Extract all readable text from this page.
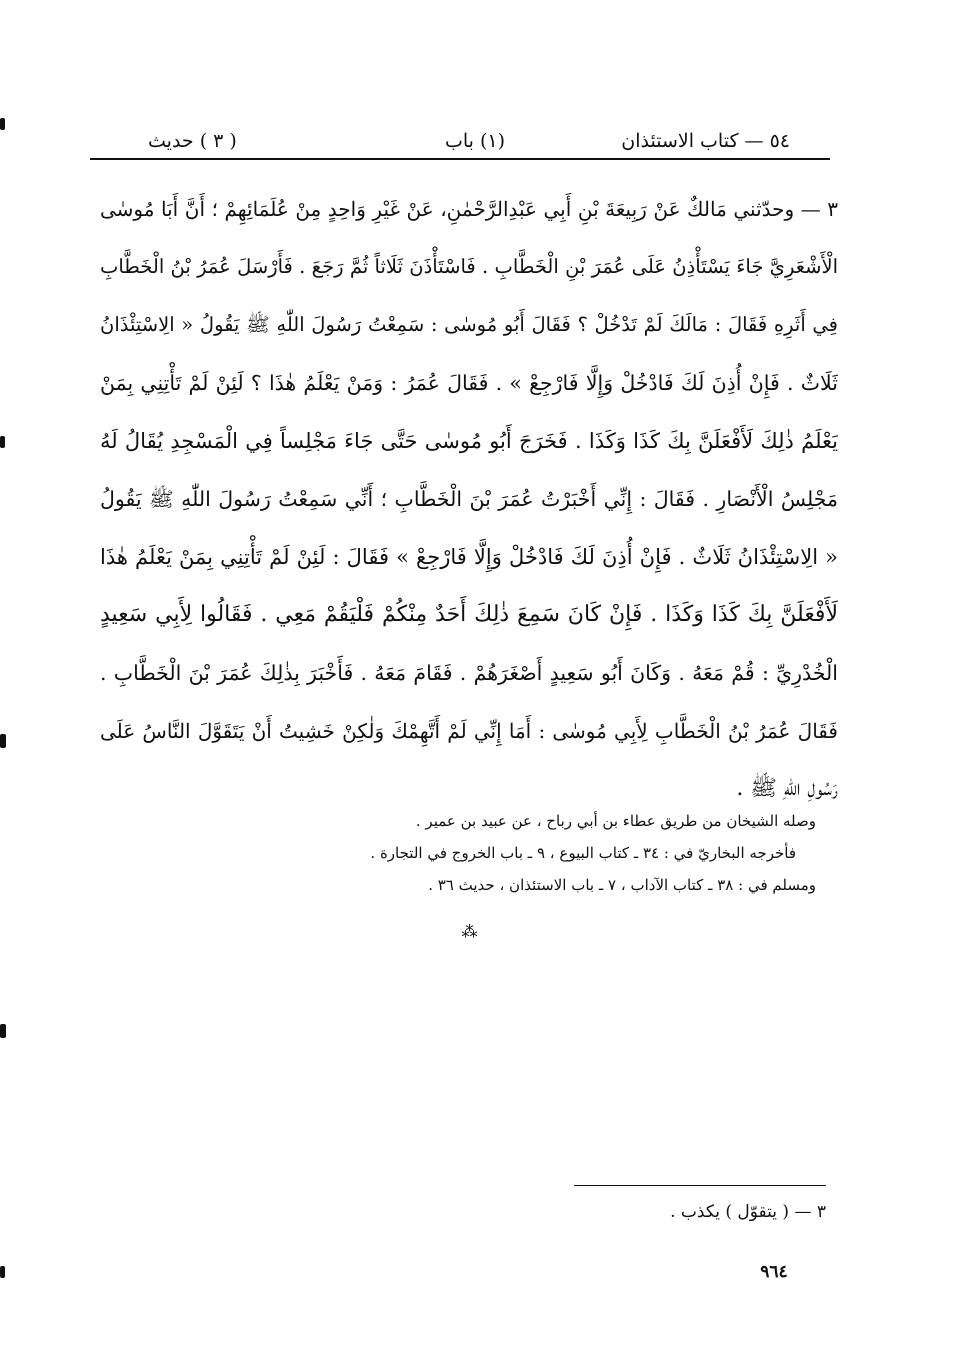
٥٤ — كتاب الاستئذان
(١) باب
( ٣ ) حديث
٣ — وحدّثني مَالكٌ عَنْ رَبِيعَةَ بْنِ أَبِي عَبْدِالرَّحْمٰنِ، عَنْ غَيْرِ وَاحِدٍ مِنْ عُلَمَائِهِمْ ؛ أَنَّ أَبَا مُوسٰى
الْأَشْعَرِيَّ جَاءَ يَسْتَأْذِنُ عَلَى عُمَرَ بْنِ الْخَطَّابِ . فَاسْتَأْذَنَ ثَلَاثاً ثُمَّ رَجَعَ . فَأَرْسَلَ عُمَرُ بْنُ الْخَطَّابِ
فِي أَثَرِهِ فَقَالَ : مَالَكَ لَمْ تَدْخُلْ ؟ فَقَالَ أَبُو مُوسٰى : سَمِعْتُ رَسُولَ اللّٰهِ ﷺ يَقُولُ « الِاسْتِئْذَانُ
ثَلَاثٌ . فَإِنْ أُذِنَ لَكَ فَادْخُلْ وَإِلَّا فَارْجِعْ » . فَقَالَ عُمَرُ : وَمَنْ يَعْلَمُ هٰذَا ؟ لَئِنْ لَمْ تَأْتِنِي بِمَنْ
يَعْلَمُ ذٰلِكَ لَأَفْعَلَنَّ بِكَ كَذَا وَكَذَا . فَخَرَجَ أَبُو مُوسٰى حَتَّى جَاءَ مَجْلِساً فِي الْمَسْجِدِ يُقَالُ لَهُ
مَجْلِسُ الْأَنْصَارِ . فَقَالَ : إِنِّي أَخْبَرْتُ عُمَرَ بْنَ الْخَطَّابِ ؛ أَنِّي سَمِعْتُ رَسُولَ اللّٰهِ ﷺ يَقُولُ
« الِاسْتِئْذَانُ ثَلَاثٌ . فَإِنْ أُذِنَ لَكَ فَادْخُلْ وَإِلَّا فَارْجِعْ » فَقَالَ : لَئِنْ لَمْ تَأْتِنِي بِمَنْ يَعْلَمُ هٰذَا
لَأَفْعَلَنَّ بِكَ كَذَا وَكَذَا . فَإِنْ كَانَ سَمِعَ ذٰلِكَ أَحَدٌ مِنْكُمْ فَلْيَقُمْ مَعِي . فَقَالُوا لِأَبِي سَعِيدٍ
الْخُدْرِيِّ : قُمْ مَعَهُ . وَكَانَ أَبُو سَعِيدٍ أَصْغَرَهُمْ . فَقَامَ مَعَهُ . فَأَخْبَرَ بِذٰلِكَ عُمَرَ بْنَ الْخَطَّابِ .
فَقَالَ عُمَرُ بْنُ الْخَطَّابِ لِأَبِي مُوسٰى : أَمَا إِنِّي لَمْ أَتَّهِمْكَ وَلٰكِنْ خَشِيتُ أَنْ يَتَقَوَّلَ النَّاسُ عَلَى
رَسُولِ اللّٰهِ ﷺ .
وصله الشيخان من طريق عطاء بن أبي رباح ، عن عبيد بن عمير .
فأخرجه البخاريّ في : ٣٤ ـ كتاب البيوع ، ٩ ـ باب الخروج في التجارة .
ومسلم في : ٣٨ ـ كتاب الآداب ، ٧ ـ باب الاستئذان ، حديث ٣٦ .
⁂
٣ — ( يتقوّل ) يكذب .
٩٦٤
